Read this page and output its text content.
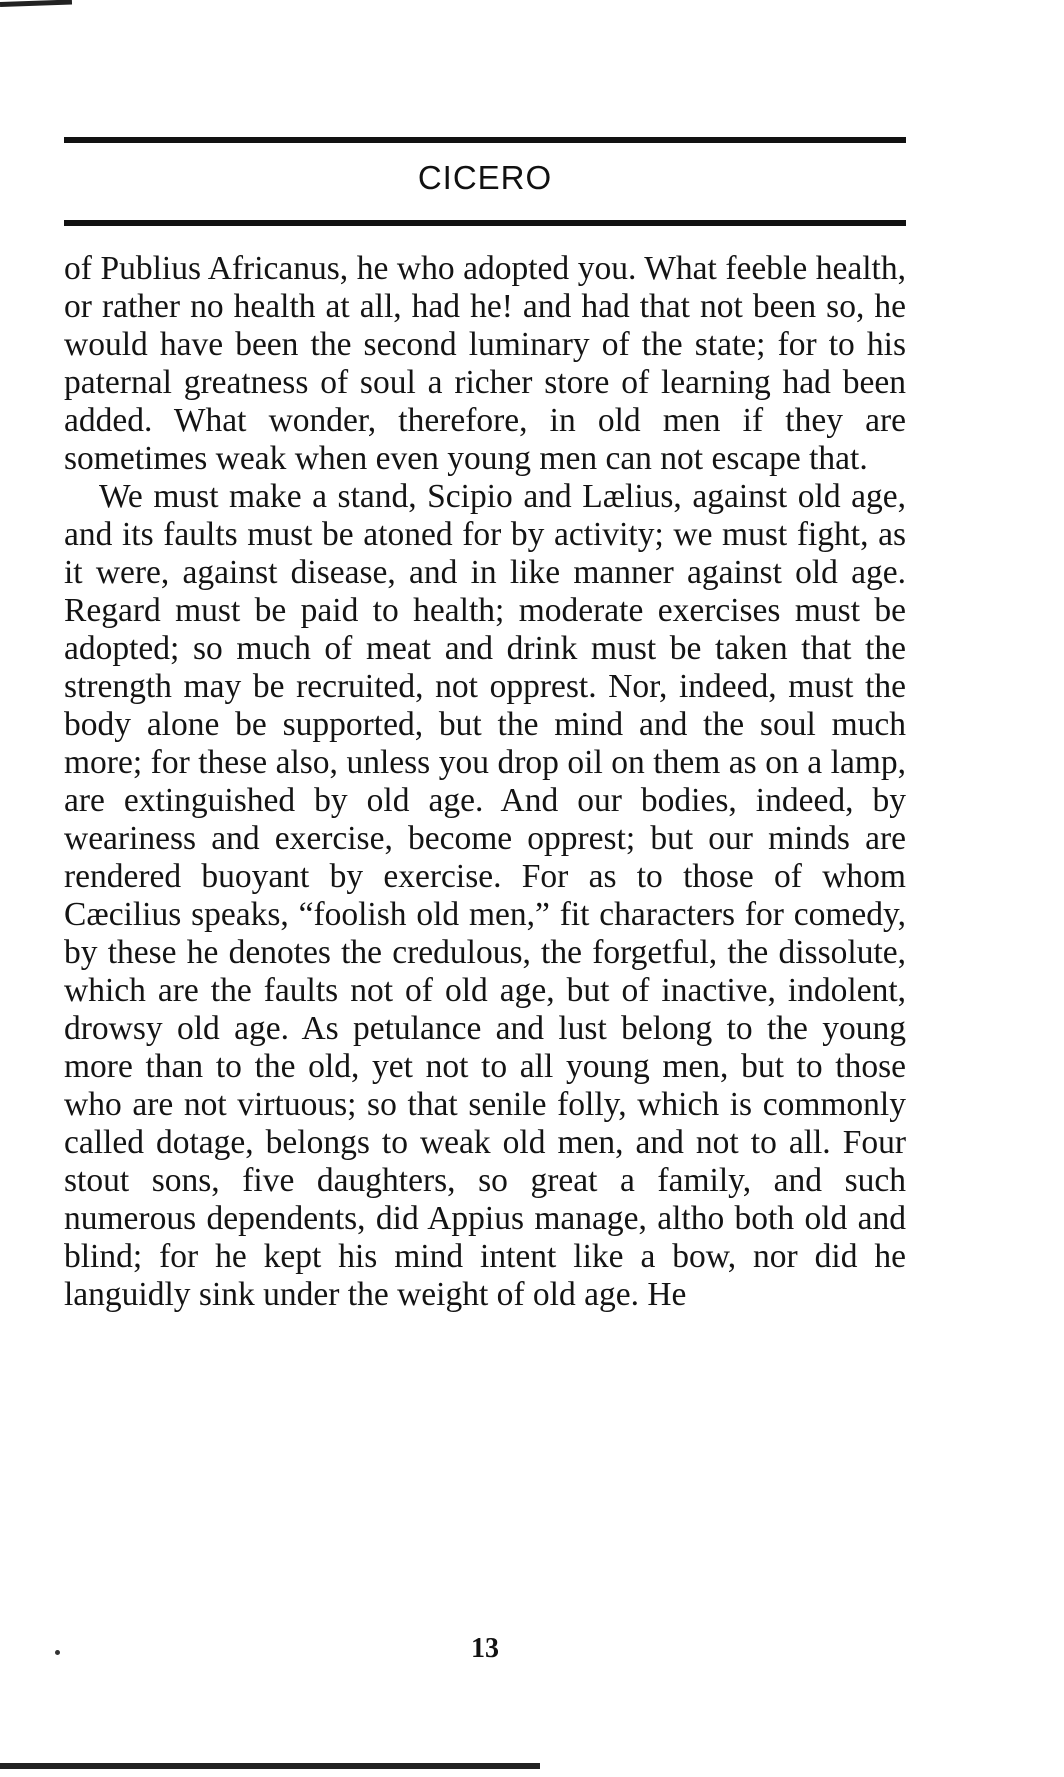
CICERO

of Publius Africanus, he who adopted you. What feeble health, or rather no health at all, had he! and had that not been so, he would have been the second luminary of the state; for to his paternal greatness of soul a richer store of learning had been added. What wonder, therefore, in old men if they are sometimes weak when even young men can not escape that.

We must make a stand, Scipio and Lælius, against old age, and its faults must be atoned for by activity; we must fight, as it were, against disease, and in like manner against old age. Regard must be paid to health; moderate exercises must be adopted; so much of meat and drink must be taken that the strength may be recruited, not opprest. Nor, indeed, must the body alone be supported, but the mind and the soul much more; for these also, unless you drop oil on them as on a lamp, are extinguished by old age. And our bodies, indeed, by weariness and exercise, become opprest; but our minds are rendered buoyant by exercise. For as to those of whom Cæcilius speaks, “foolish old men,” fit characters for comedy, by these he denotes the credulous, the forgetful, the dissolute, which are the faults not of old age, but of inactive, indolent, drowsy old age. As petulance and lust belong to the young more than to the old, yet not to all young men, but to those who are not virtuous; so that senile folly, which is commonly called dotage, belongs to weak old men, and not to all. Four stout sons, five daughters, so great a family, and such numerous dependents, did Appius manage, altho both old and blind; for he kept his mind intent like a bow, nor did he languidly sink under the weight of old age. He

13
